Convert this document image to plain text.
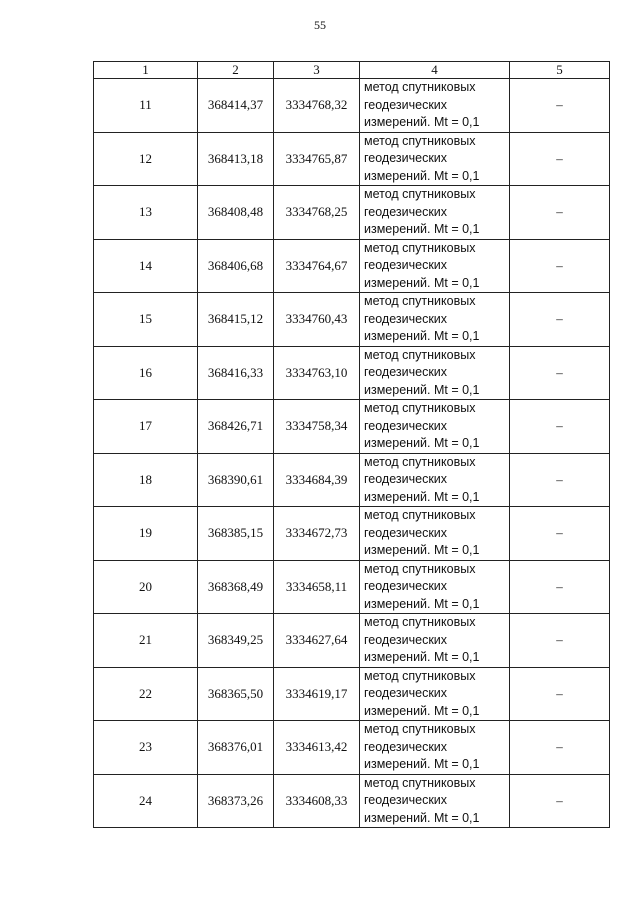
55
1	2	3	4	5
11	368414,37	3334768,32	метод спутниковых
геодезических
измерений. Mt = 0,1	–
12	368413,18	3334765,87	метод спутниковых
геодезических
измерений. Mt = 0,1	–
13	368408,48	3334768,25	метод спутниковых
геодезических
измерений. Mt = 0,1	–
14	368406,68	3334764,67	метод спутниковых
геодезических
измерений. Mt = 0,1	–
15	368415,12	3334760,43	метод спутниковых
геодезических
измерений. Mt = 0,1	–
16	368416,33	3334763,10	метод спутниковых
геодезических
измерений. Mt = 0,1	–
17	368426,71	3334758,34	метод спутниковых
геодезических
измерений. Mt = 0,1	–
18	368390,61	3334684,39	метод спутниковых
геодезических
измерений. Mt = 0,1	–
19	368385,15	3334672,73	метод спутниковых
геодезических
измерений. Mt = 0,1	–
20	368368,49	3334658,11	метод спутниковых
геодезических
измерений. Mt = 0,1	–
21	368349,25	3334627,64	метод спутниковых
геодезических
измерений. Mt = 0,1	–
22	368365,50	3334619,17	метод спутниковых
геодезических
измерений. Mt = 0,1	–
23	368376,01	3334613,42	метод спутниковых
геодезических
измерений. Mt = 0,1	–
24	368373,26	3334608,33	метод спутниковых
геодезических
измерений. Mt = 0,1	–
